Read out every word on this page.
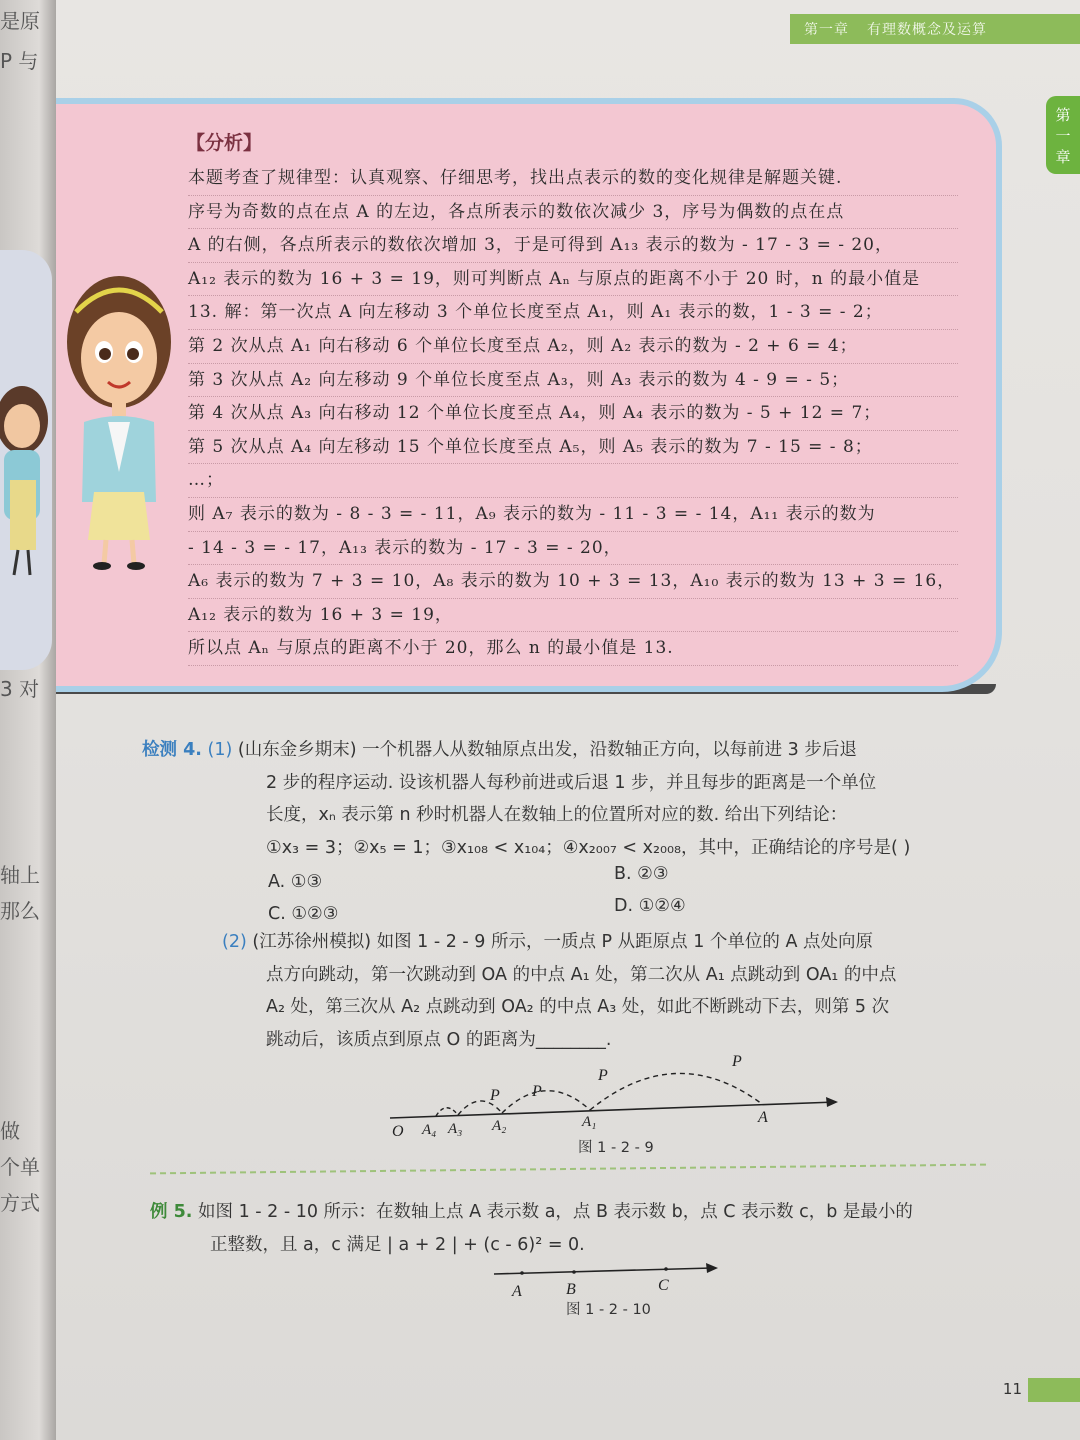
是原
P 与
3 对
轴上
那么
做
个单
方式
第一章 有理数概念及运算
第
一
章
【分析】
本题考查了规律型：认真观察、仔细思考，找出点表示的数的变化规律是解题关键.
序号为奇数的点在点 A 的左边，各点所表示的数依次减少 3，序号为偶数的点在点
A 的右侧，各点所表示的数依次增加 3，于是可得到 A₁₃ 表示的数为 - 17 - 3 = - 20，
A₁₂ 表示的数为 16 + 3 = 19，则可判断点 Aₙ 与原点的距离不小于 20 时，n 的最小值是
13. 解：第一次点 A 向左移动 3 个单位长度至点 A₁，则 A₁ 表示的数，1 - 3 = - 2；
第 2 次从点 A₁ 向右移动 6 个单位长度至点 A₂，则 A₂ 表示的数为 - 2 + 6 = 4；
第 3 次从点 A₂ 向左移动 9 个单位长度至点 A₃，则 A₃ 表示的数为 4 - 9 = - 5；
第 4 次从点 A₃ 向右移动 12 个单位长度至点 A₄，则 A₄ 表示的数为 - 5 + 12 = 7；
第 5 次从点 A₄ 向左移动 15 个单位长度至点 A₅，则 A₅ 表示的数为 7 - 15 = - 8；
…；
则 A₇ 表示的数为 - 8 - 3 = - 11，A₉ 表示的数为 - 11 - 3 = - 14，A₁₁ 表示的数为
- 14 - 3 = - 17，A₁₃ 表示的数为 - 17 - 3 = - 20，
A₆ 表示的数为 7 + 3 = 10，A₈ 表示的数为 10 + 3 = 13，A₁₀ 表示的数为 13 + 3 = 16，
A₁₂ 表示的数为 16 + 3 = 19，
所以点 Aₙ 与原点的距离不小于 20，那么 n 的最小值是 13.
检测 4. (1) (山东金乡期末) 一个机器人从数轴原点出发，沿数轴正方向，以每前进 3 步后退
2 步的程序运动. 设该机器人每秒前进或后退 1 步，并且每步的距离是一个单位
长度，xₙ 表示第 n 秒时机器人在数轴上的位置所对应的数. 给出下列结论：
①x₃ = 3；②x₅ = 1；③x₁₀₈ < x₁₀₄；④x₂₀₀₇ < x₂₀₀₈，其中，正确结论的序号是( )
A. ①③	B. ②③
C. ①②③	D. ①②④
(2) (江苏徐州模拟) 如图 1 - 2 - 9 所示，一质点 P 从距原点 1 个单位的 A 点处向原
点方向跳动，第一次跳动到 OA 的中点 A₁ 处，第二次从 A₁ 点跳动到 OA₁ 的中点
A₂ 处，第三次从 A₂ 点跳动到 OA₂ 的中点 A₃ 处，如此不断跳动下去，则第 5 次
跳动后，该质点到原点 O 的距离为________.
O A₄ A₃ A₂	A₁	A
P P
P
P
图 1 - 2 - 9
例 5. 如图 1 - 2 - 10 所示：在数轴上点 A 表示数 a，点 B 表示数 b，点 C 表示数 c，b 是最小的
正整数，且 a，c 满足 | a + 2 | + (c - 6)² = 0.
A	B	C
图 1 - 2 - 10
11
